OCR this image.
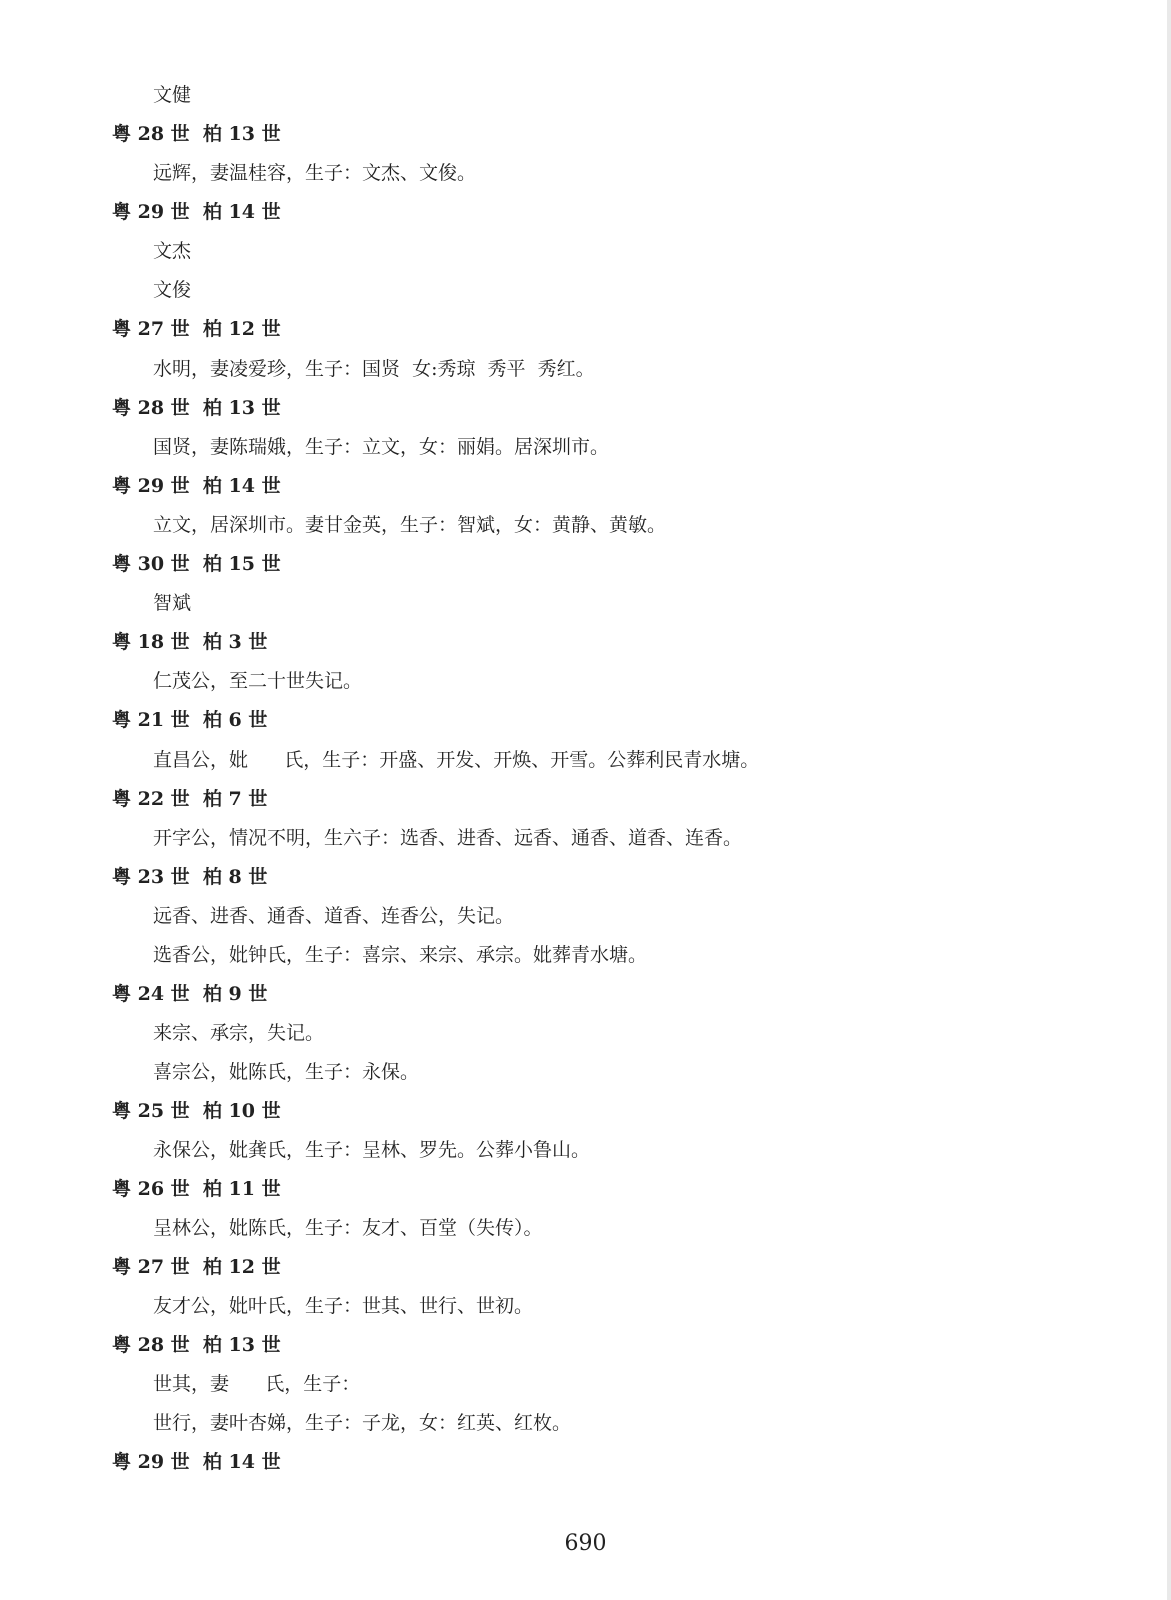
文健
粤 28 世  柏 13 世
远辉，妻温桂容，生子：文杰、文俊。
粤 29 世  柏 14 世
文杰
文俊
粤 27 世  柏 12 世
水明，妻凌爱珍，生子：国贤  女:秀琼  秀平  秀红。
粤 28 世  柏 13 世
国贤，妻陈瑞娥，生子：立文，女：丽娟。居深圳市。
粤 29 世  柏 14 世
立文，居深圳市。妻甘金英，生子：智斌，女：黄静、黄敏。
粤 30 世  柏 15 世
智斌
粤 18 世  柏 3 世
仁茂公，至二十世失记。
粤 21 世  柏 6 世
直昌公，妣      氏，生子：开盛、开发、开焕、开雪。公葬利民青水塘。
粤 22 世  柏 7 世
开字公，情况不明，生六子：选香、进香、远香、通香、道香、连香。
粤 23 世  柏 8 世
远香、进香、通香、道香、连香公，失记。
选香公，妣钟氏，生子：喜宗、来宗、承宗。妣葬青水塘。
粤 24 世  柏 9 世
来宗、承宗，失记。
喜宗公，妣陈氏，生子：永保。
粤 25 世  柏 10 世
永保公，妣龚氏，生子：呈林、罗先。公葬小鲁山。
粤 26 世  柏 11 世
呈林公，妣陈氏，生子：友才、百堂（失传）。
粤 27 世  柏 12 世
友才公，妣叶氏，生子：世其、世行、世初。
粤 28 世  柏 13 世
世其，妻      氏，生子：
世行，妻叶杏娣，生子：子龙，女：红英、红枚。
粤 29 世  柏 14 世
690
